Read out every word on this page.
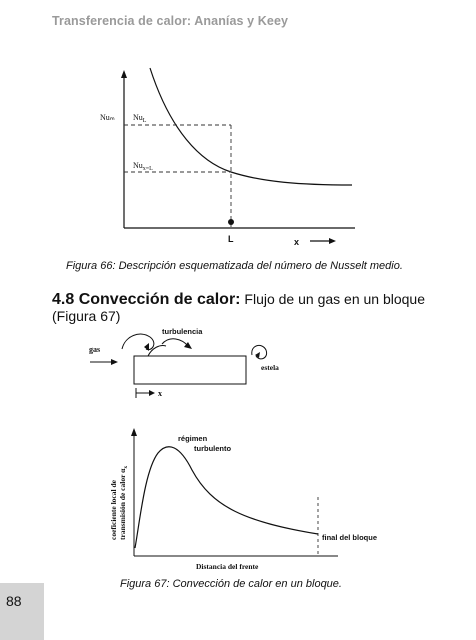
Transferencia de calor: Ananías y Keey
Nuₘ $Nu_L$
$Nu_{x=L}$
L	x
Figura 66: Descripción esquematizada del número de Nusselt medio.
4.8 Convección de calor: Flujo de un gas en un bloque
(Figura 67)
gas
turbulencia
estela
x
coeficiente local de transmisión de calor $\alpha_x$
régimen turbulento
final del bloque
Distancia del frente
Figura 67: Convección de calor en un bloque.
88
